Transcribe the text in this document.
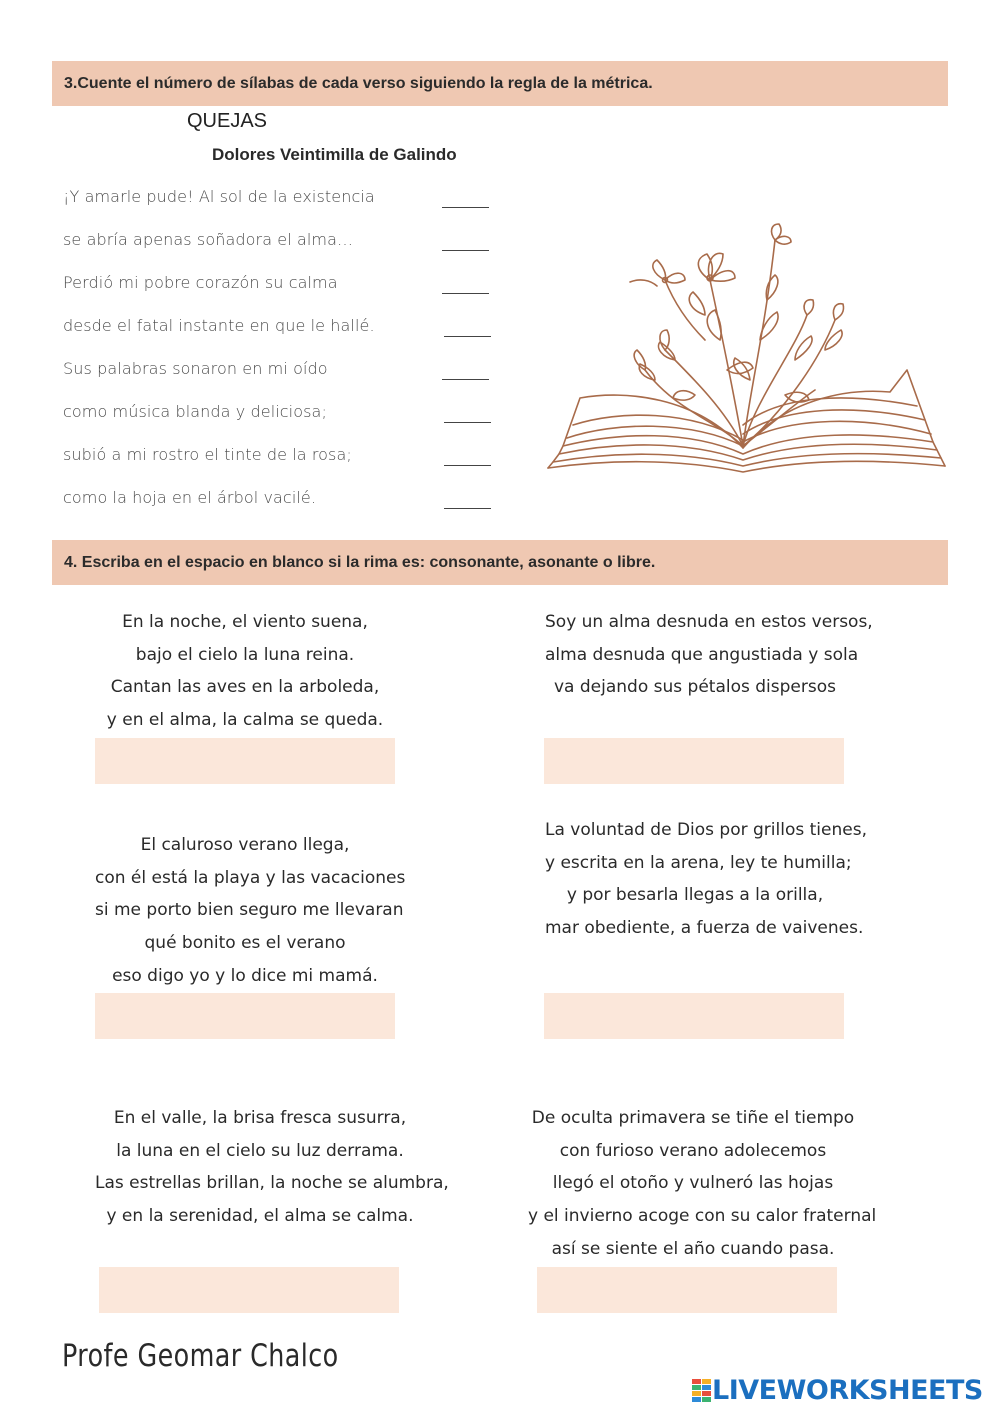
3.Cuente el número de sílabas de cada verso siguiendo la regla de la métrica.
QUEJAS
Dolores Veintimilla de Galindo
¡Y amarle pude! Al sol de la existencia
se abría apenas soñadora el alma…
Perdió mi pobre corazón su calma
desde el fatal instante en que le hallé.
Sus palabras sonaron en mi oído
como música blanda y deliciosa;
subió a mi rostro el tinte de la rosa;
como la hoja en el árbol vacilé.
4. Escriba en el espacio en blanco si la rima es: consonante, asonante o libre.
En la noche, el viento suena,
bajo el cielo la luna reina.
Cantan las aves en la arboleda,
y en el alma, la calma se queda.
Soy un alma desnuda en estos versos,
alma desnuda que angustiada y sola
va dejando sus pétalos dispersos
El caluroso verano llega,
con él está la playa y las vacaciones
si me porto bien seguro me llevaran
qué bonito es el verano
eso digo yo y lo dice mi mamá.
La voluntad de Dios por grillos tienes,
y escrita en la arena, ley te humilla;
y por besarla llegas a la orilla,
mar obediente, a fuerza de vaivenes.
En el valle, la brisa fresca susurra,
la luna en el cielo su luz derrama.
Las estrellas brillan, la noche se alumbra,
y en la serenidad, el alma se calma.
De oculta primavera se tiñe el tiempo
con furioso verano adolecemos
llegó el otoño y vulneró las hojas
y el invierno acoge con su calor fraternal
así se siente el año cuando pasa.
Profe Geomar Chalco
LIVEWORKSHEETS
